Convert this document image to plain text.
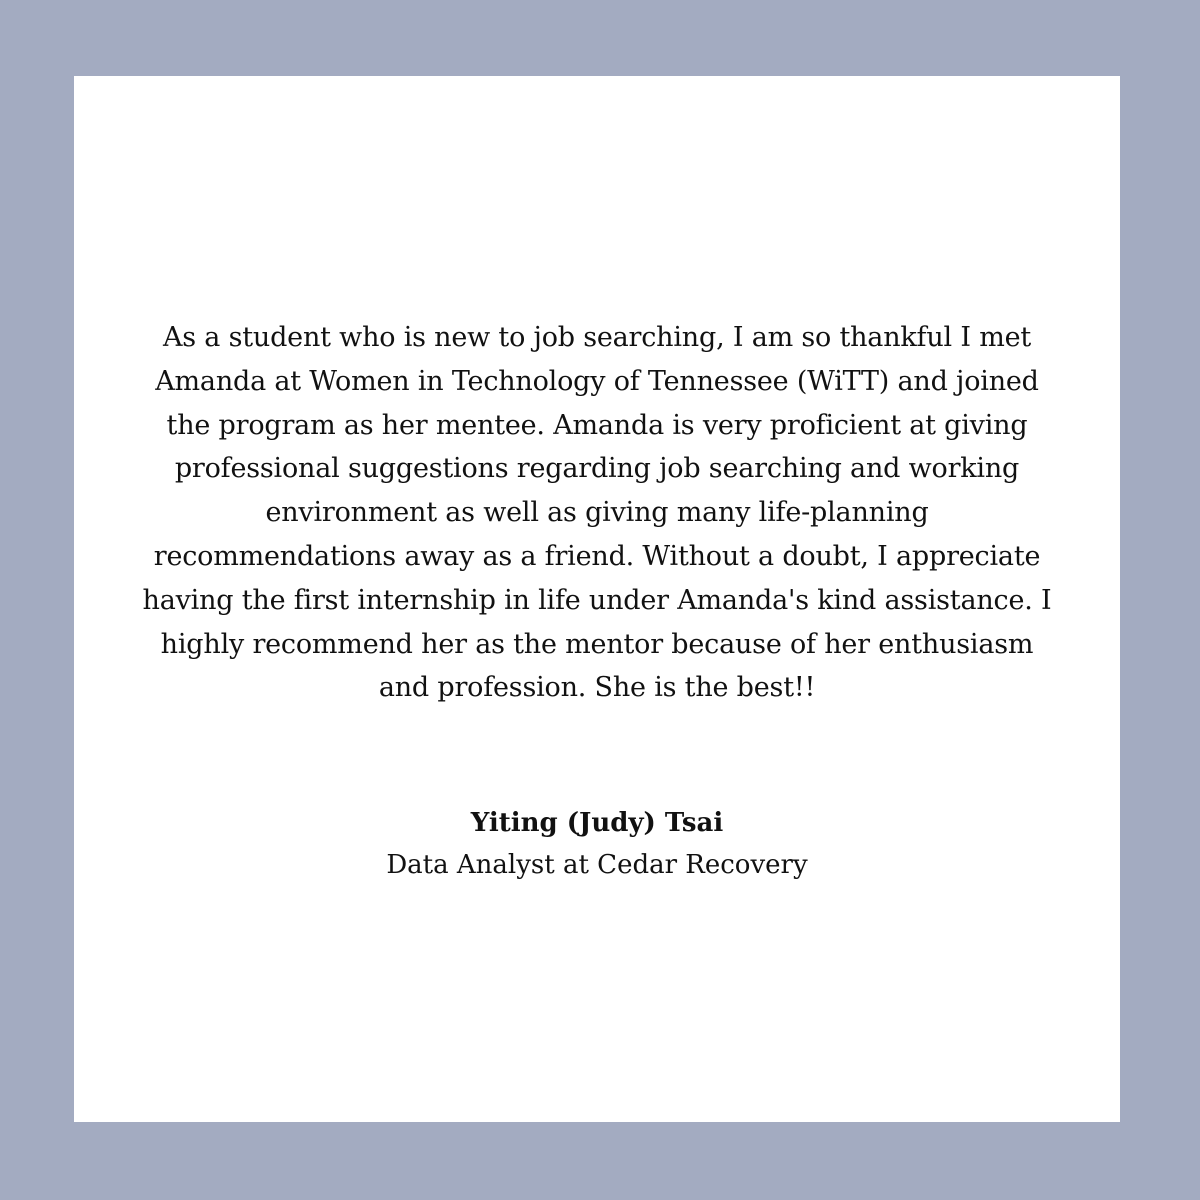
As a student who is new to job searching, I am so thankful I met
Amanda at Women in Technology of Tennessee (WiTT) and joined
the program as her mentee. Amanda is very proficient at giving
professional suggestions regarding job searching and working
environment as well as giving many life-planning
recommendations away as a friend. Without a doubt, I appreciate
having the first internship in life under Amanda's kind assistance. I
highly recommend her as the mentor because of her enthusiasm
and profession. She is the best!!

Yiting (Judy) Tsai

Data Analyst at Cedar Recovery
